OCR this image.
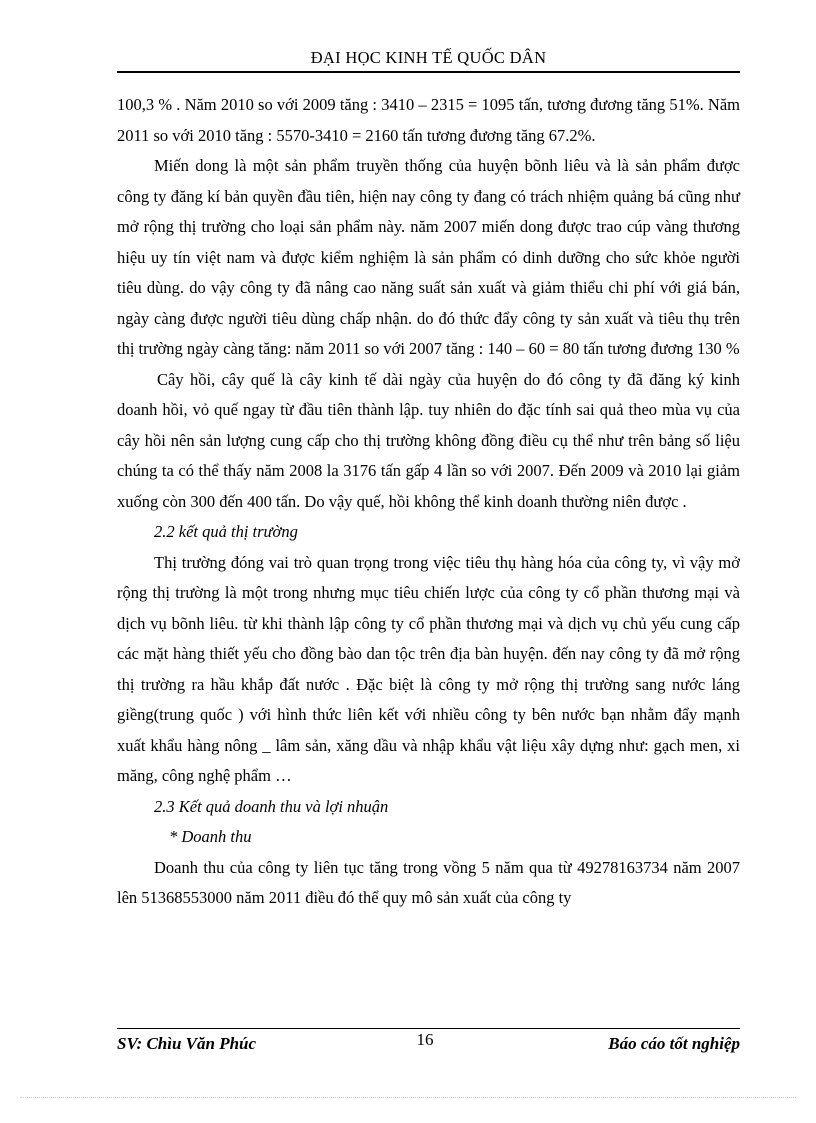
ĐẠI HỌC KINH TẾ QUỐC DÂN

100,3 % . Năm 2010 so với 2009 tăng : 3410 – 2315 = 1095 tấn, tương đương tăng 51%. Năm 2011 so với 2010 tăng : 5570-3410 = 2160 tấn tương đương tăng 67.2%.

Miến dong là một sản phẩm truyền thống của huyện bõnh liêu và là sản phẩm được công ty đăng kí bản quyền đầu tiên, hiện nay công ty đang có trách nhiệm quảng bá cũng như mở rộng thị trường cho loại sản phẩm này. năm 2007 miến dong được trao cúp vàng thương hiệu uy tín việt nam và được kiểm nghiệm là sản phẩm có dinh dưỡng cho sức khỏe người tiêu dùng. do vậy công ty đã nâng cao năng suất sản xuất và giảm thiểu chi phí với giá bán, ngày càng được người tiêu dùng chấp nhận. do đó thức đẩy công ty sản xuất và tiêu thụ trên thị trường ngày càng tăng: năm 2011 so với 2007 tăng : 140 – 60 = 80 tấn tương đương 130 %

Cây hồi, cây quế là cây kinh tế dài ngày của huyện do đó công ty đã đăng ký kinh doanh hồi, vỏ quế ngay từ đầu tiên thành lập. tuy nhiên do đặc tính sai quả theo mùa vụ của cây hồi nên sản lượng cung cấp cho thị trường không đồng điều cụ thể như trên bảng số liệu chúng ta có thể thấy năm 2008 la 3176 tấn gấp 4 lần so với 2007. Đến 2009 và 2010 lại giảm xuống còn 300 đến 400 tấn. Do vậy quế, hồi không thể kinh doanh thường niên được .

2.2 kết quả thị trường

Thị trường đóng vai trò quan trọng trong việc tiêu thụ hàng hóa của công ty, vì vậy mở rộng thị trường là một trong nhưng mục tiêu chiến lược của công ty cổ phần thương mại và dịch vụ bõnh liêu. từ khi thành lập công ty cổ phần thương mại và dịch vụ chủ yếu cung cấp các mặt hàng thiết yếu cho đồng bào dan tộc trên địa bàn huyện. đến nay công ty đã mở rộng thị trường ra hầu khắp đất nước . Đặc biệt là công ty mở rộng thị trường sang nước láng giềng(trung quốc ) với hình thức liên kết với nhiều công ty bên nước bạn nhằm đẩy mạnh xuất khẩu hàng nông _ lâm sản, xăng dầu và nhập khẩu vật liệu xây dựng như: gạch men, xi măng, công nghệ phẩm …

2.3 Kết quả doanh thu và lợi nhuận

* Doanh thu

Doanh thu của công ty liên tục tăng trong vồng 5 năm qua từ 49278163734 năm 2007 lên 51368553000 năm 2011 điều đó thể quy mô sản xuất của công ty

SV: Chìu Văn Phúc	16	Báo cáo tốt nghiệp
